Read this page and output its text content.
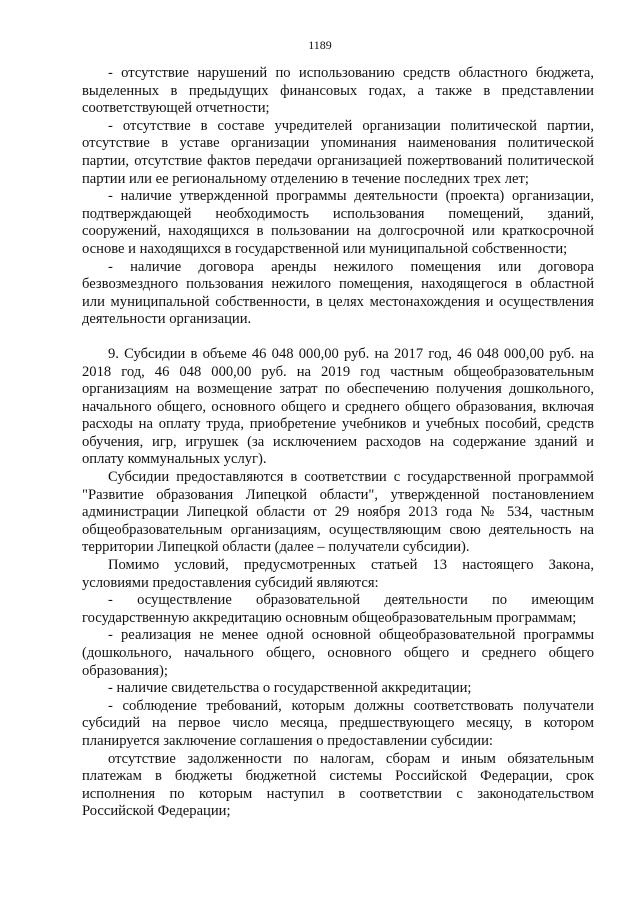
1189

- отсутствие нарушений по использованию средств областного бюджета, выделенных в предыдущих финансовых годах, а также в представлении соответствующей отчетности;

- отсутствие в составе учредителей организации политической партии, отсутствие в уставе организации упоминания наименования политической партии, отсутствие фактов передачи организацией пожертвований политической партии или ее региональному отделению в течение последних трех лет;

- наличие утвержденной программы деятельности (проекта) организации, подтверждающей необходимость использования помещений, зданий, сооружений, находящихся в пользовании на долгосрочной или краткосрочной основе и находящихся в государственной или муниципальной собственности;

- наличие договора аренды нежилого помещения или договора безвозмездного пользования нежилого помещения, находящегося в областной или муниципальной собственности, в целях местонахождения и осуществления деятельности организации.

9. Субсидии в объеме 46 048 000,00 руб. на 2017 год, 46 048 000,00 руб. на 2018 год, 46 048 000,00 руб. на 2019 год частным общеобразовательным организациям на возмещение затрат по обеспечению получения дошкольного, начального общего, основного общего и среднего общего образования, включая расходы на оплату труда, приобретение учебников и учебных пособий, средств обучения, игр, игрушек (за исключением расходов на содержание зданий и оплату коммунальных услуг).

Субсидии предоставляются в соответствии с государственной программой "Развитие образования Липецкой области", утвержденной постановлением администрации Липецкой области от 29 ноября 2013 года № 534, частным общеобразовательным организациям, осуществляющим свою деятельность на территории Липецкой области (далее – получатели субсидии).

Помимо условий, предусмотренных статьей 13 настоящего Закона, условиями предоставления субсидий являются:

- осуществление образовательной деятельности по имеющим государственную аккредитацию основным общеобразовательным программам;

- реализация не менее одной основной общеобразовательной программы (дошкольного, начального общего, основного общего и среднего общего образования);

- наличие свидетельства о государственной аккредитации;

- соблюдение требований, которым должны соответствовать получатели субсидий на первое число месяца, предшествующего месяцу, в котором планируется заключение соглашения о предоставлении субсидии:

отсутствие задолженности по налогам, сборам и иным обязательным платежам в бюджеты бюджетной системы Российской Федерации, срок исполнения по которым наступил в соответствии с законодательством Российской Федерации;
